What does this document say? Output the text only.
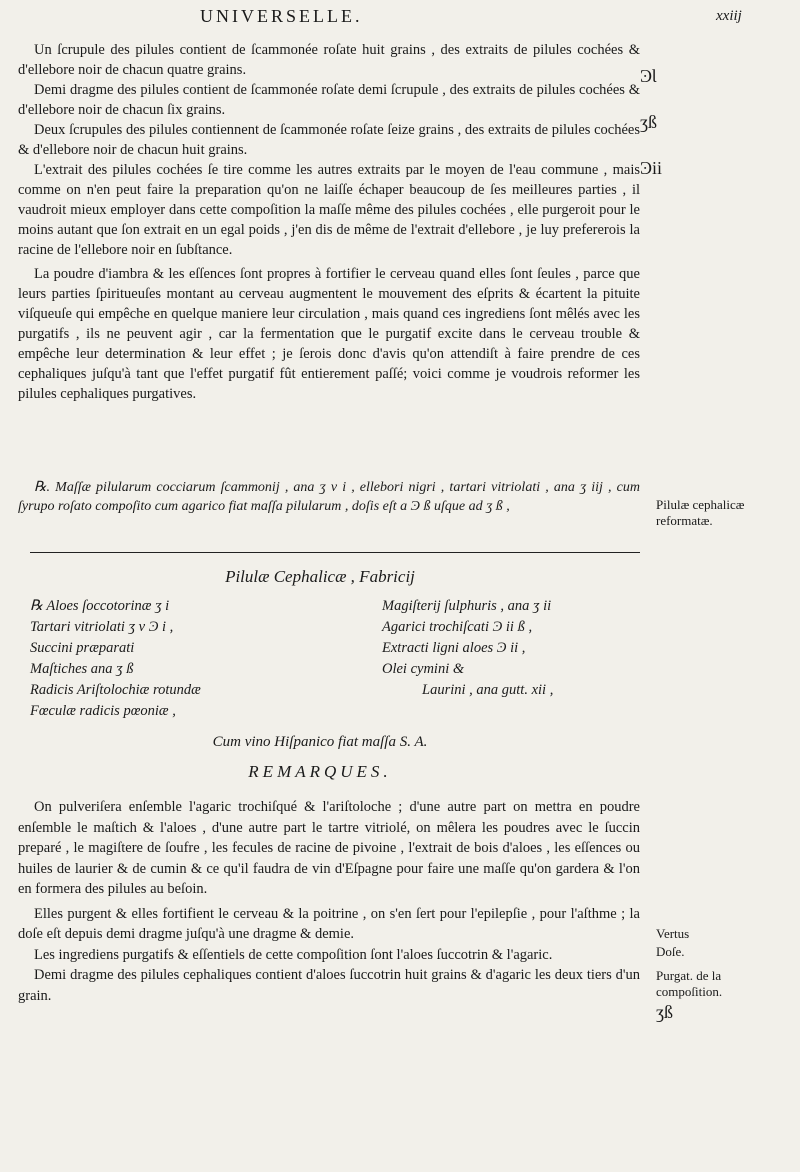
UNIVERSELLE.	xxiij

Un ſcrupule des pilules contient de ſcammonée roſate huit grains , des extraits de pilules cochées & d'ellebore noir de chacun quatre grains.

Demi dragme des pilules contient de ſcammonée roſate demi ſcrupule , des extraits de pilules cochées & d'ellebore noir de chacun ſix grains.

Deux ſcrupules des pilules contiennent de ſcammonée roſate ſeize grains , des extraits de pilules cochées & d'ellebore noir de chacun huit grains.

L'extrait des pilules cochées ſe tire comme les autres extraits par le moyen de l'eau commune , mais comme on n'en peut faire la preparation qu'on ne laiſſe échaper beaucoup de ſes meilleures parties , il vaudroit mieux employer dans cette compoſition la maſſe même des pilules cochées , elle purgeroit pour le moins autant que ſon extrait en un egal poids , j'en dis de même de l'extrait d'ellebore , je luy prefererois la racine de l'ellebore noir en ſubſtance.

La poudre d'iambra & les eſſences ſont propres à fortifier le cerveau quand elles ſont ſeules , parce que leurs parties ſpiritueuſes montant au cerveau augmentent le mouvement des eſprits & écartent la pituite viſqueuſe qui empêche en quelque maniere leur circulation , mais quand ces ingrediens ſont mêlés avec les purgatifs , ils ne peuvent agir , car la fermentation que le purgatif excite dans le cerveau trouble & empêche leur determination & leur effet ; je ſerois donc d'avis qu'on attendiſt à faire prendre de ces cephaliques juſqu'à tant que l'effet purgatif fût entierement paſſé; voici comme je voudrois reformer les pilules cephaliques purgatives.

ϿƖ
ʒß
Ͽii

℞. Maſſæ pilularum cocciarum ſcammonij , ana ʒ v i , ellebori nigri , tartari vitriolati , ana ʒ iij , cum ſyrupo roſato compoſito cum agarico fiat maſſa pilularum , doſis eſt a Ͽ ß uſque ad ʒ ß ,	Pilulæ cephalicæ reformatæ.
Pilulæ Cephalicæ , Fabricij
℞ Aloes ſoccotorinæ ʒ i
Tartari vitriolati ʒ v Ͽ i ,
Succini præparati
Maſtiches ana ʒ ß
Radicis Ariſtolochiæ rotundæ
Fœculæ radicis pœoniæ ,
Magiſterij ſulphuris , ana ʒ ii
Agarici trochiſcati Ͽ ii ß ,
Extracti ligni aloes Ͽ ii ,
Olei cymini &
Laurini , ana gutt. xii ,
Cum vino Hiſpanico fiat maſſa S. A.
REMARQUES.

On pulveriſera enſemble l'agaric trochiſqué & l'ariſtoloche ; d'une autre part on mettra en poudre enſemble le maſtich & l'aloes , d'une autre part le tartre vitriolé, on mêlera les poudres avec le ſuccin preparé , le magiſtere de ſoufre , les fecules de racine de pivoine , l'extrait de bois d'aloes , les eſſences ou huiles de laurier & de cumin & ce qu'il faudra de vin d'Eſpagne pour faire une maſſe qu'on gardera & l'on en formera des pilules au beſoin.

Elles purgent & elles fortifient le cerveau & la poitrine , on s'en ſert pour l'epilepſie , pour l'aſthme ; la doſe eſt depuis demi dragme juſqu'à une dragme & demie.

Les ingrediens purgatifs & eſſentiels de cette compoſition ſont l'aloes ſuccotrin & l'agaric.

Demi dragme des pilules cephaliques contient d'aloes ſuccotrin huit grains & d'agaric les deux tiers d'un grain.

Vertus
Doſe.
Purgat. de la compoſition.
ʒß
